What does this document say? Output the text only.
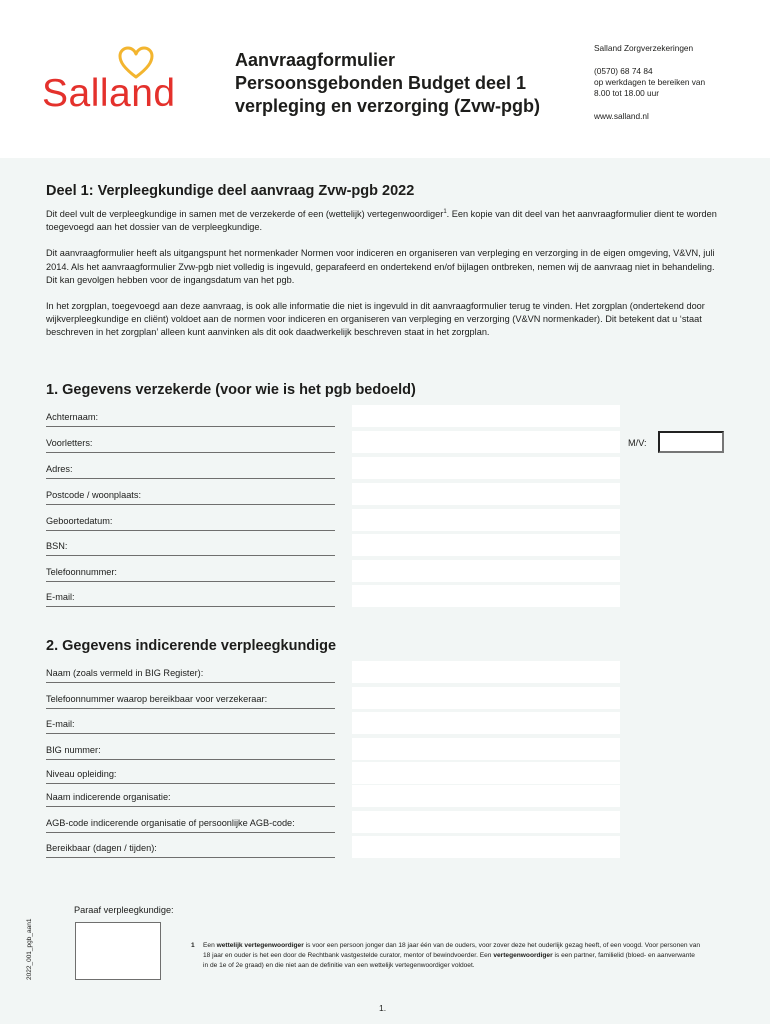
Salland
Aanvraagformulier
Persoonsgebonden Budget deel 1
verpleging en verzorging (Zvw-pgb)
Salland Zorgverzekeringen
(0570) 68 74 84
op werkdagen te bereiken van
8.00 tot 18.00 uur
www.salland.nl
Deel 1: Verpleegkundige deel aanvraag Zvw-pgb 2022

Dit deel vult de verpleegkundige in samen met de verzekerde of een (wettelijk) vertegenwoordiger$^1$. Een kopie van dit deel van het aanvraagformulier dient te worden toegevoegd aan het dossier van de verpleegkundige.

Dit aanvraagformulier heeft als uitgangspunt het normenkader Normen voor indiceren en organiseren van verpleging en verzorging in de eigen omgeving, V&VN, juli 2014. Als het aanvraagformulier Zvw-pgb niet volledig is ingevuld, geparafeerd en ondertekend en/of bijlagen ontbreken, nemen wij de aanvraag niet in behandeling. Dit kan gevolgen hebben voor de ingangsdatum van het pgb.

In het zorgplan, toegevoegd aan deze aanvraag, is ook alle informatie die niet is ingevuld in dit aanvraagformulier terug te vinden. Het zorgplan (ondertekend door wijkverpleegkundige en cliënt) voldoet aan de normen voor indiceren en organiseren van verpleging en verzorging (V&VN normenkader). Dit betekent dat u ‘staat beschreven in het zorgplan’ alleen kunt aanvinken als dit ook daadwerkelijk beschreven staat in het zorgplan.

1. Gegevens verzekerde (voor wie is het pgb bedoeld)
Achternaam:
Voorletters:	M/V:
Adres:
Postcode / woonplaats:
Geboortedatum:
BSN:
Telefoonnummer:
E-mail:
2. Gegevens indicerende verpleegkundige
Naam (zoals vermeld in BIG Register):
Telefoonnummer waarop bereikbaar voor verzekeraar:
E-mail:
BIG nummer:
Niveau opleiding:
Naam indicerende organisatie:
AGB-code indicerende organisatie of persoonlijke AGB-code:
Bereikbaar (dagen / tijden):
Paraaf verpleegkundige:
2022_001_pgb_aan1	1	Een wettelijk vertegenwoordiger is voor een persoon jonger dan 18 jaar één van de ouders, voor zover deze het ouderlijk gezag heeft, of een voogd. Voor personen van 18 jaar en ouder is het een door de Rechtbank vastgestelde curator, mentor of bewindvoerder. Een vertegenwoordiger is een partner, familielid (bloed- en aanverwante in de 1e of 2e graad) en die niet aan de definitie van een wettelijk vertegenwoordiger voldoet.
1.
